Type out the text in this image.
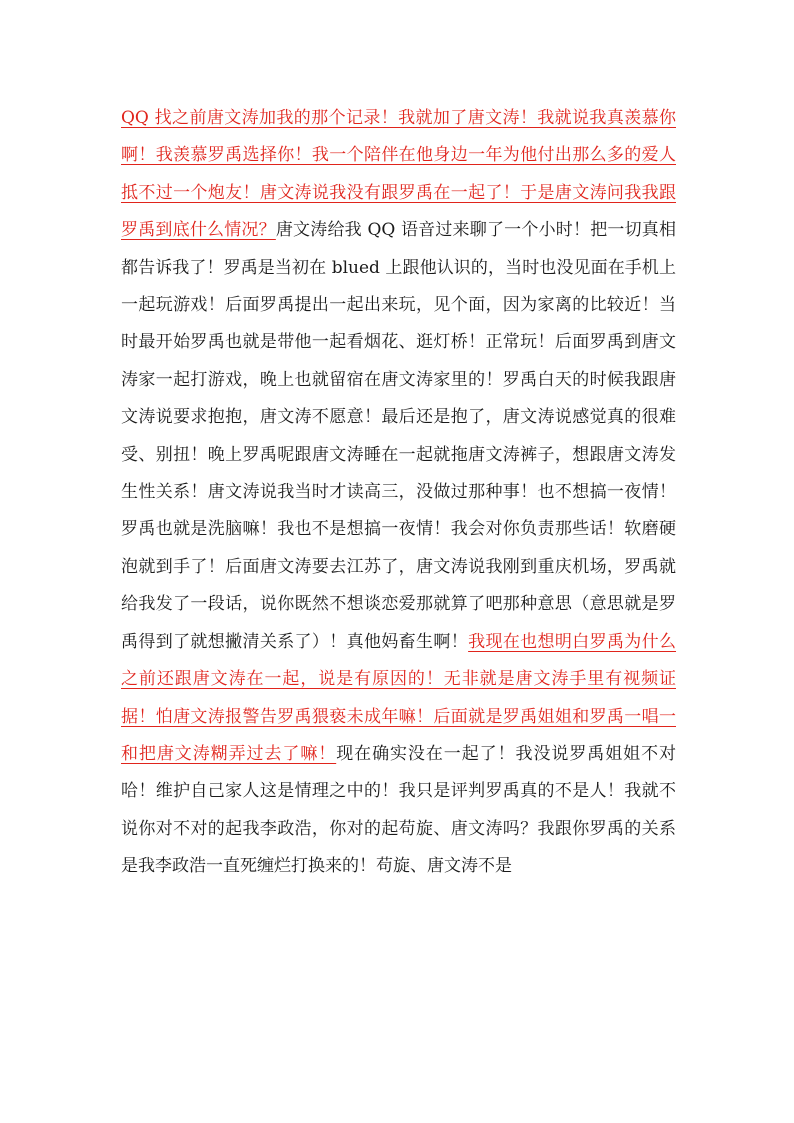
QQ 找之前唐文涛加我的那个记录！我就加了唐文涛！我就说我真羡慕你啊！我羡慕罗禹选择你！我一个陪伴在他身边一年为他付出那么多的爱人抵不过一个炮友！唐文涛说我没有跟罗禹在一起了！于是唐文涛问我我跟罗禹到底什么情况？唐文涛给我 QQ 语音过来聊了一个小时！把一切真相都告诉我了！罗禹是当初在 blued 上跟他认识的，当时也没见面在手机上一起玩游戏！后面罗禹提出一起出来玩，见个面，因为家离的比较近！当时最开始罗禹也就是带他一起看烟花、逛灯桥！正常玩！后面罗禹到唐文涛家一起打游戏，晚上也就留宿在唐文涛家里的！罗禹白天的时候我跟唐文涛说要求抱抱，唐文涛不愿意！最后还是抱了，唐文涛说感觉真的很难受、别扭！晚上罗禹呢跟唐文涛睡在一起就拖唐文涛裤子，想跟唐文涛发生性关系！唐文涛说我当时才读高三，没做过那种事！也不想搞一夜情！罗禹也就是洗脑嘛！我也不是想搞一夜情！我会对你负责那些话！软磨硬泡就到手了！后面唐文涛要去江苏了，唐文涛说我刚到重庆机场，罗禹就给我发了一段话，说你既然不想谈恋爱那就算了吧那种意思（意思就是罗禹得到了就想撇清关系了）！真他妈畜生啊！我现在也想明白罗禹为什么之前还跟唐文涛在一起，说是有原因的！无非就是唐文涛手里有视频证据！怕唐文涛报警告罗禹猥亵未成年嘛！后面就是罗禹姐姐和罗禹一唱一和把唐文涛糊弄过去了嘛！现在确实没在一起了！我没说罗禹姐姐不对哈！维护自己家人这是情理之中的！我只是评判罗禹真的不是人！我就不说你对不对的起我李政浩，你对的起苟旋、唐文涛吗？我跟你罗禹的关系是我李政浩一直死缠烂打换来的！苟旋、唐文涛不是
